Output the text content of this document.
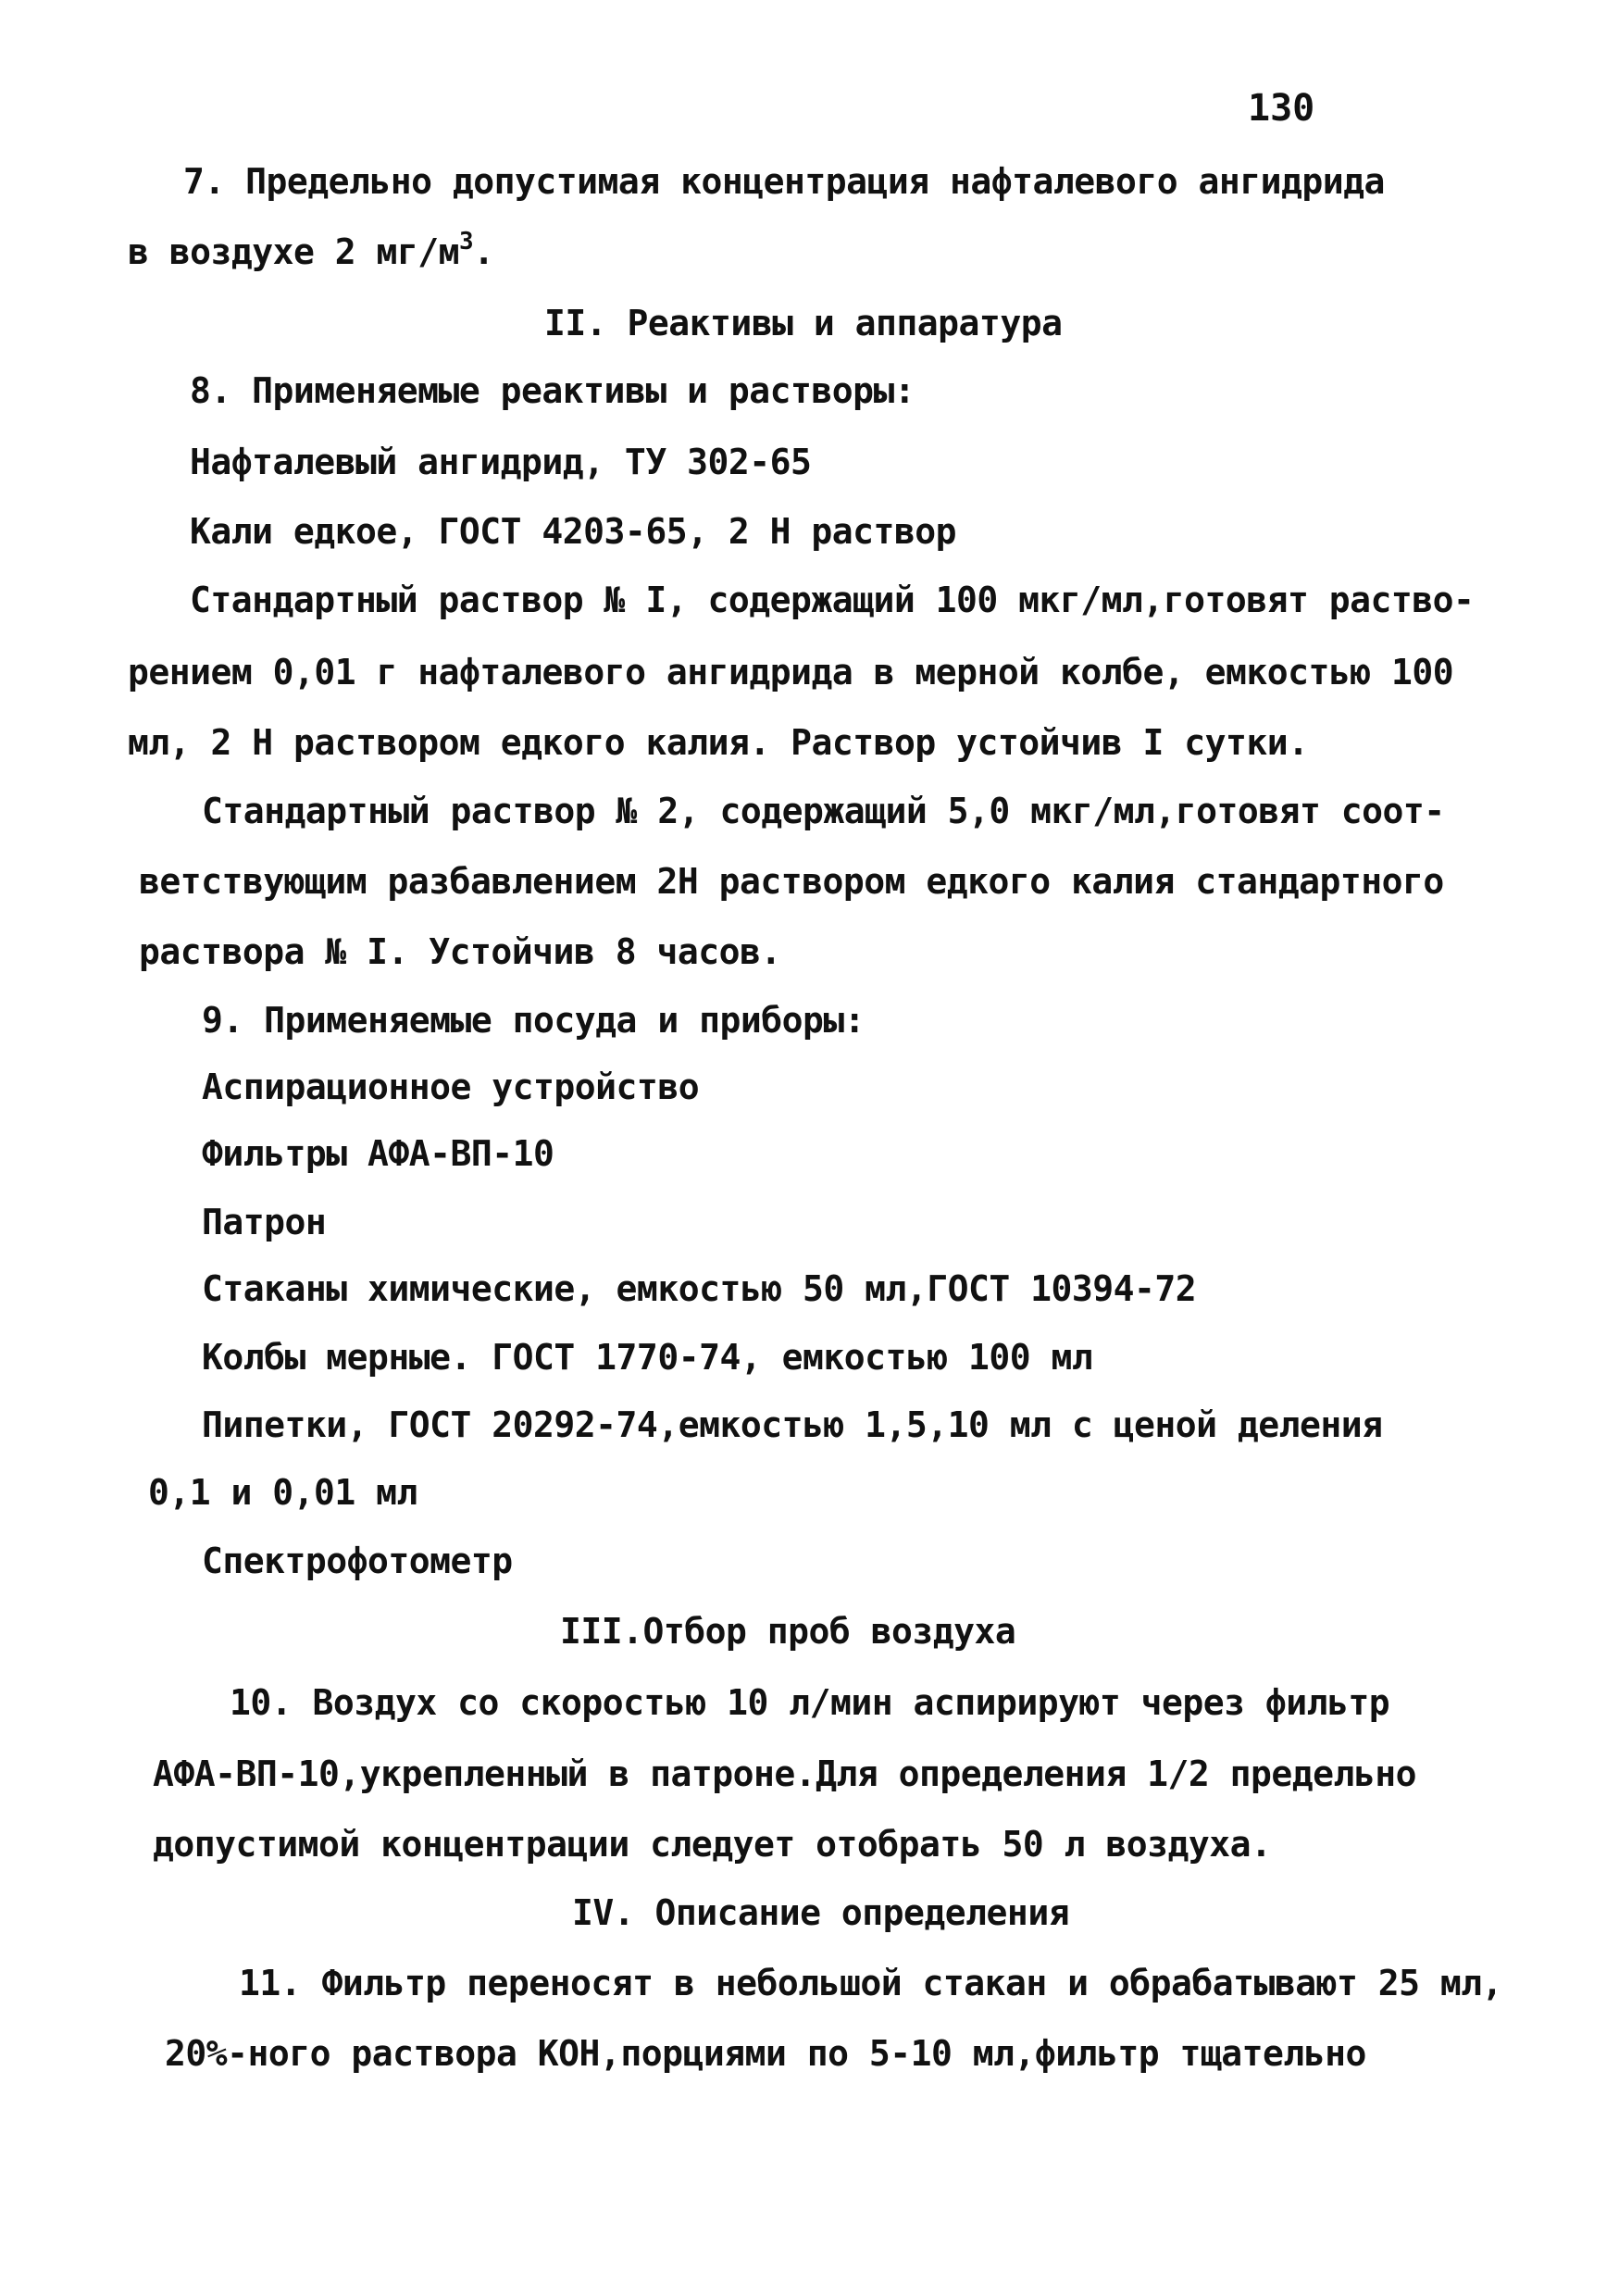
130
7. Предельно допустимая концентрация нафталевого ангидрида
в воздухе 2 $мг/м^3$.
II. Реактивы и аппаратура
8. Применяемые реактивы и растворы:
Нафталевый ангидрид, ТУ 302-65
Кали едкое, ГОСТ 4203-65, 2 Н раствор
Стандартный раствор № I, содержащий 100 мкг/мл,готовят раство-
рением 0,01 г нафталевого ангидрида в мерной колбе, емкостью 100
мл, 2 Н раствором едкого калия. Раствор устойчив I сутки.
Стандартный раствор № 2, содержащий 5,0 мкг/мл,готовят соот-
ветствующим разбавлением 2Н раствором едкого калия стандартного
раствора № I. Устойчив 8 часов.
9. Применяемые посуда и приборы:
Аспирационное устройство
Фильтры АФА-ВП-10
Патрон
Стаканы химические, емкостью 50 мл,ГОСТ 10394-72
Колбы мерные. ГОСТ 1770-74, емкостью 100 мл
Пипетки, ГОСТ 20292-74,емкостью 1,5,10 мл с ценой деления
0,1 и 0,01 мл
Спектрофотометр
III.Отбор проб воздуха
10. Воздух со скоростью 10 л/мин аспирируют через фильтр
АФА-ВП-10,укрепленный в патроне.Для определения 1/2 предельно
допустимой концентрации следует отобрать 50 л воздуха.
IV. Описание определения
11. Фильтр переносят в небольшой стакан и обрабатывают 25 мл,
20%-ного раствора КОН,порциями по 5-10 мл,фильтр тщательно
